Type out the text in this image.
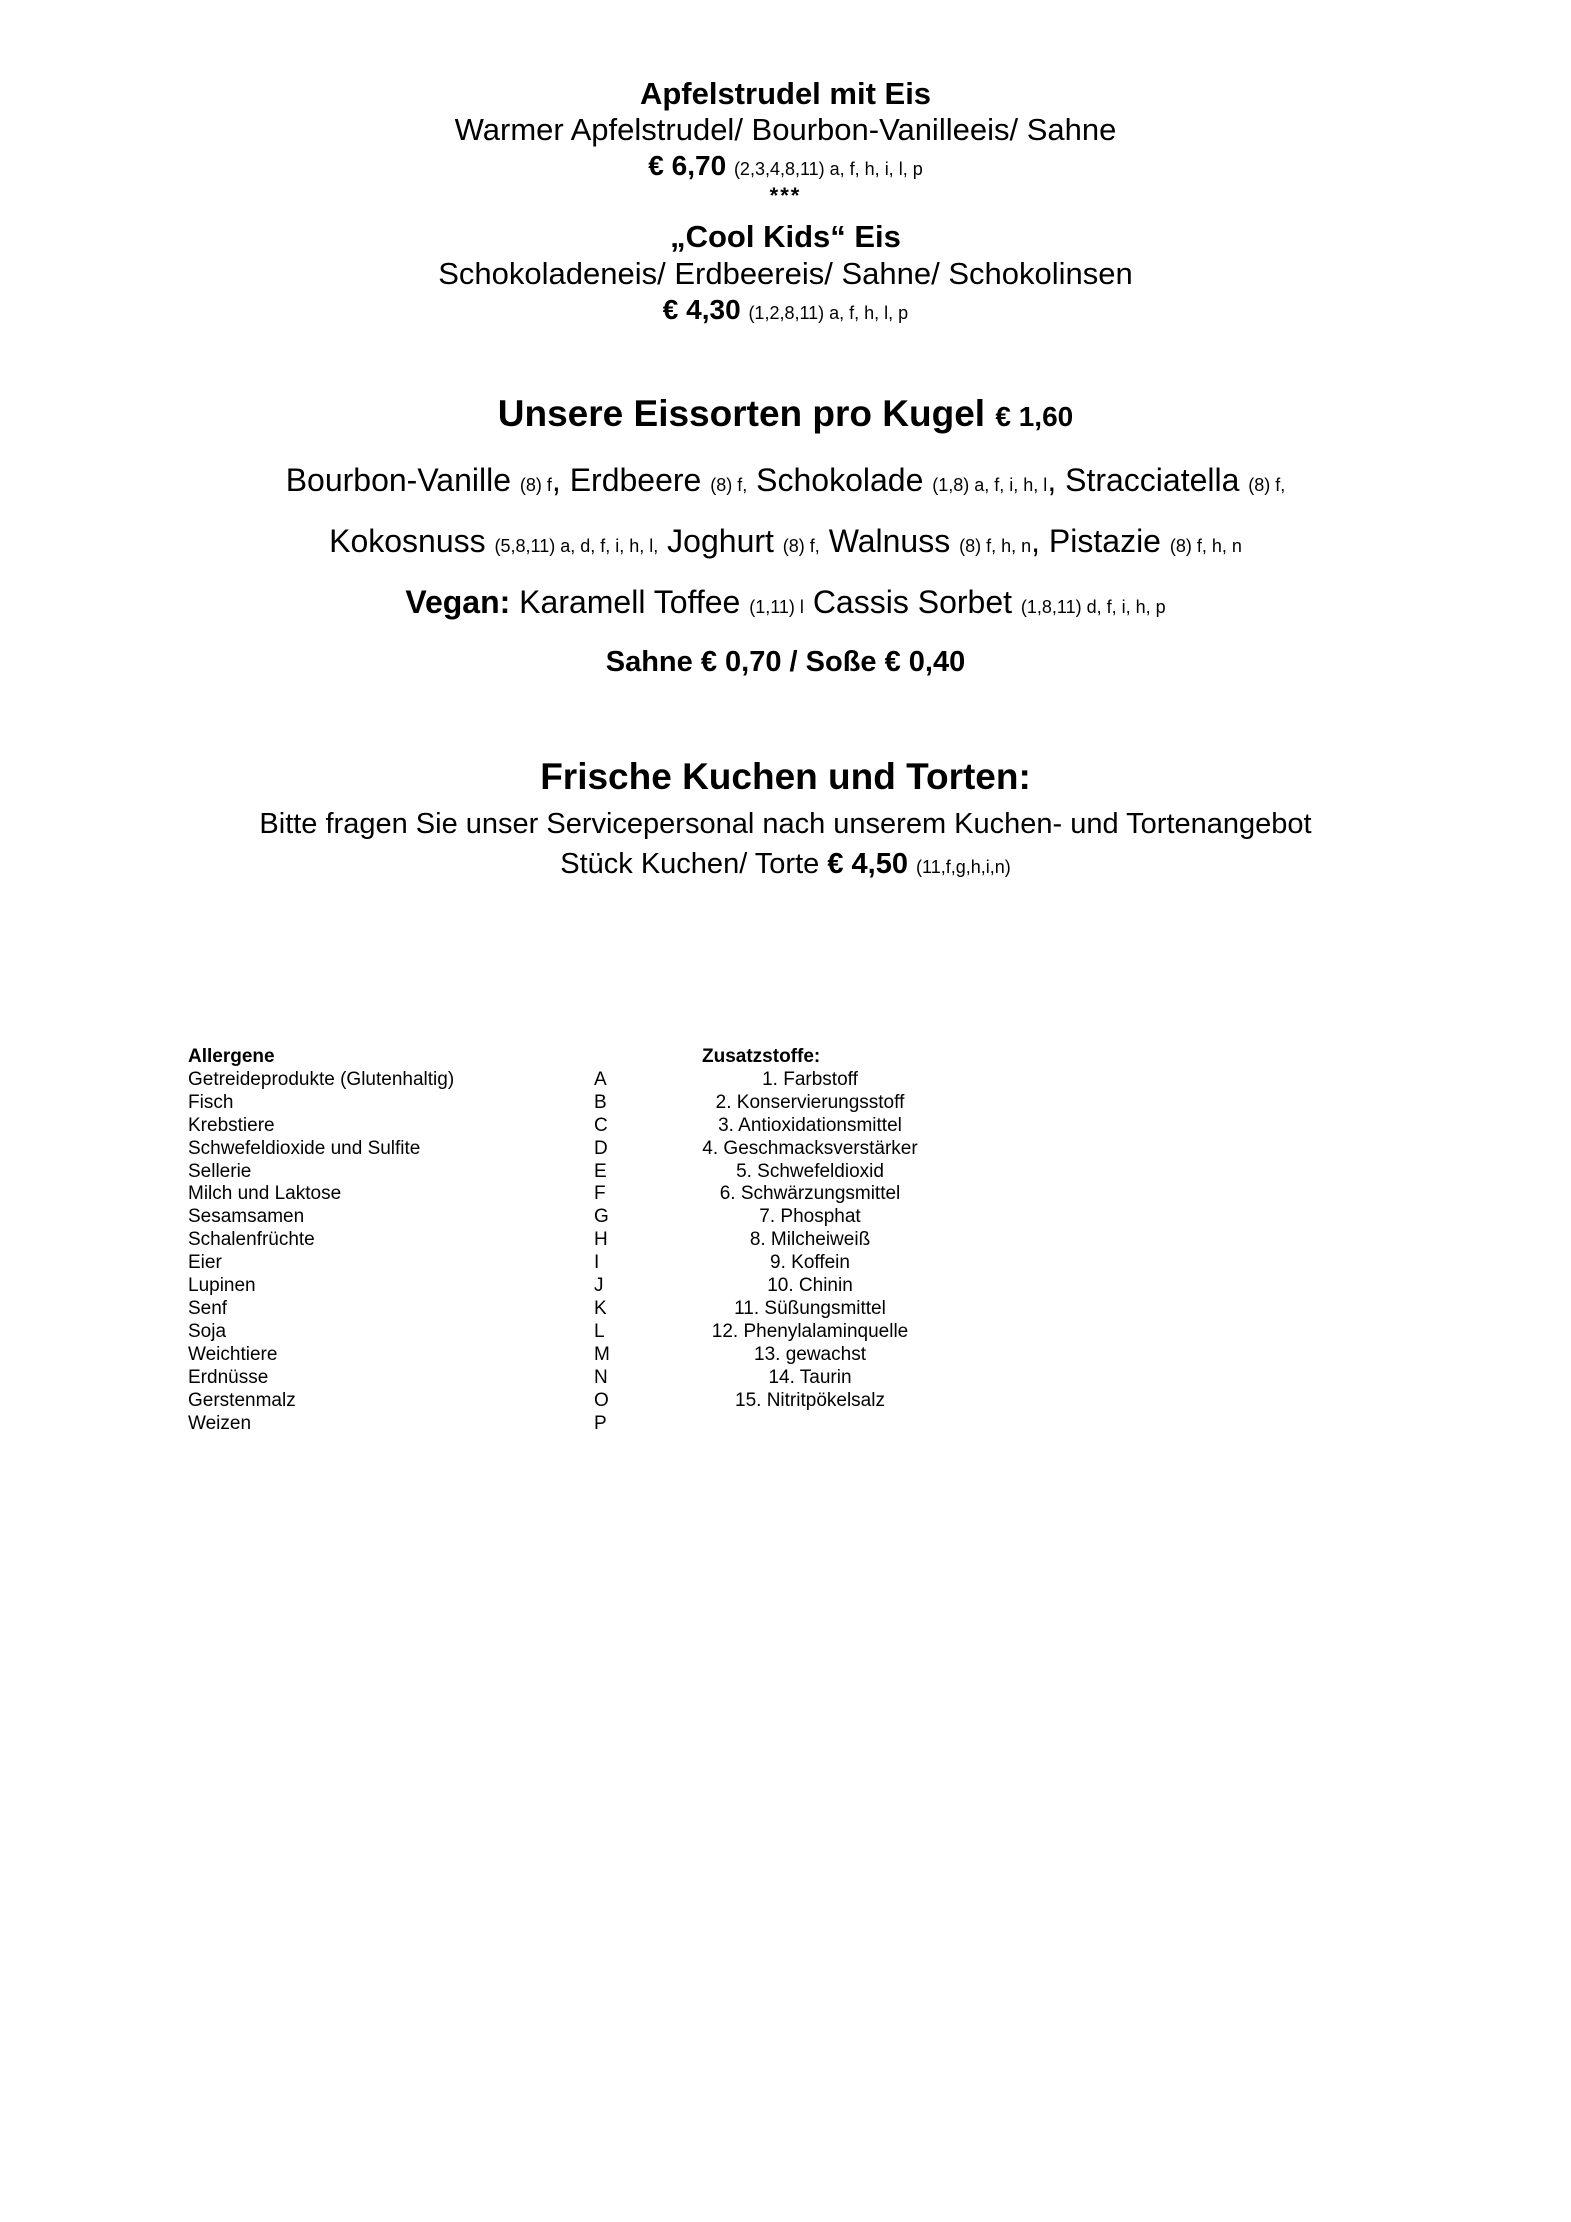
Apfelstrudel mit Eis
Warmer Apfelstrudel/ Bourbon-Vanilleeis/ Sahne
€ 6,70 (2,3,4,8,11) a, f, h, i, l, p
***
„Cool Kids“ Eis
Schokoladeneis/ Erdbeereis/ Sahne/ Schokolinsen
€ 4,30 (1,2,8,11) a, f, h, l, p
Unsere Eissorten pro Kugel € 1,60
Bourbon-Vanille (8) f, Erdbeere (8) f, Schokolade (1,8) a, f, i, h, l, Stracciatella (8) f,
Kokosnuss (5,8,11) a, d, f, i, h, l, Joghurt (8) f, Walnuss (8) f, h, n, Pistazie (8) f, h, n
Vegan: Karamell Toffee (1,11) l Cassis Sorbet (1,8,11) d, f, i, h, p
Sahne € 0,70 / Soße € 0,40
Frische Kuchen und Torten:
Bitte fragen Sie unser Servicepersonal nach unserem Kuchen- und Tortenangebot
Stück Kuchen/ Torte € 4,50 (11,f,g,h,i,n)
Allergene
Getreideprodukte (Glutenhaltig)
Fisch
Krebstiere
Schwefeldioxide und Sulfite
Sellerie
Milch und Laktose
Sesamsamen
Schalenfrüchte
Eier
Lupinen
Senf
Soja
Weichtiere
Erdnüsse
Gerstenmalz
Weizen

A
B
C
D
E
F
G
H
I
J
K
L
M
N
O
P
Zusatzstoffe:
1. Farbstoff
2. Konservierungsstoff
3. Antioxidationsmittel
4. Geschmacksverstärker
5. Schwefeldioxid
6. Schwärzungsmittel
7. Phosphat
8. Milcheiweiß
9. Koffein
10. Chinin
11. Süßungsmittel
12. Phenylalaminquelle
13. gewachst
14. Taurin
15. Nitritpökelsalz
